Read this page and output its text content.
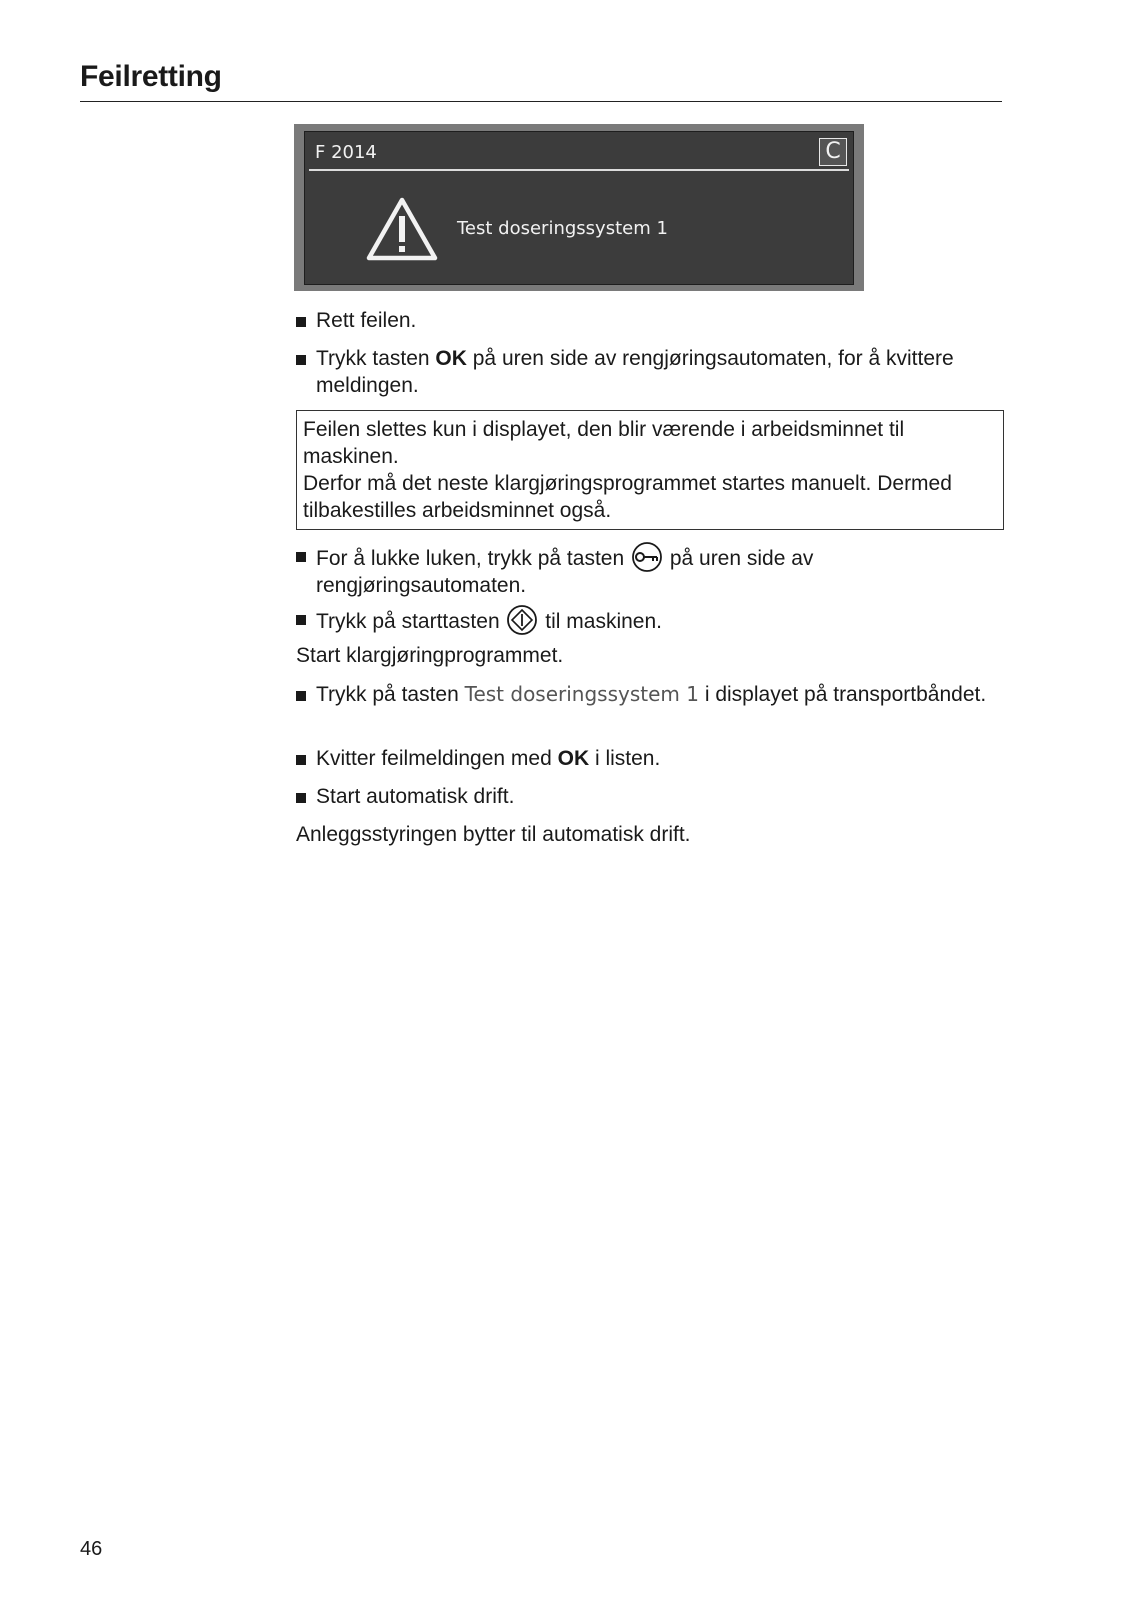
Feilretting
F 2014	C
Test doseringssystem 1
Rett feilen.
Trykk tasten OK på uren side av rengjøringsautomaten, for å kvittere meldingen.
Feilen slettes kun i displayet, den blir værende i arbeidsminnet til maskinen.
Derfor må det neste klargjøringsprogrammet startes manuelt. Dermed tilbakestilles arbeidsminnet også.
For å lukke luken, trykk på tasten  på uren side av rengjøringsautomaten.
Trykk på starttasten  til maskinen.
Start klargjøringprogrammet.
Trykk på tasten Test doseringssystem 1 i displayet på transportbåndet.
Kvitter feilmeldingen med OK i listen.
Start automatisk drift.
Anleggsstyringen bytter til automatisk drift.
46
